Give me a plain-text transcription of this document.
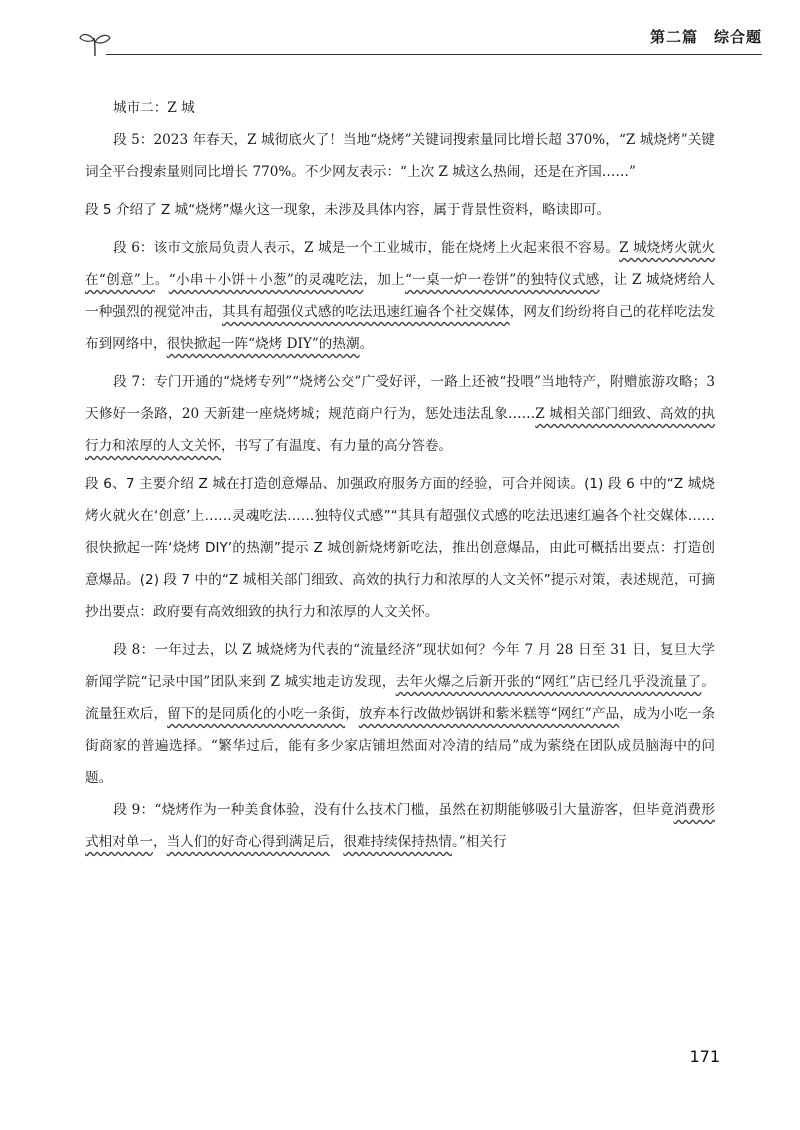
第二篇　综合题

城市二：Z 城

段 5：2023 年春天，Z 城彻底火了！当地“烧烤”关键词搜索量同比增长超 370%，“Z 城烧烤”关键词全平台搜索量则同比增长 770%。不少网友表示：“上次 Z 城这么热闹，还是在齐国……”

段 5 介绍了 Z 城“烧烤”爆火这一现象，未涉及具体内容，属于背景性资料，略读即可。

段 6：该市文旅局负责人表示，Z 城是一个工业城市，能在烧烤上火起来很不容易。Z 城烧烤火就火在“创意”上。“小串＋小饼＋小葱”的灵魂吃法，加上“一桌一炉一卷饼”的独特仪式感，让 Z 城烧烤给人一种强烈的视觉冲击，其具有超强仪式感的吃法迅速红遍各个社交媒体，网友们纷纷将自己的花样吃法发布到网络中，很快掀起一阵“烧烤 DIY”的热潮。

段 7：专门开通的“烧烤专列”“烧烤公交”广受好评，一路上还被“投喂”当地特产，附赠旅游攻略；3 天修好一条路，20 天新建一座烧烤城；规范商户行为，惩处违法乱象……Z 城相关部门细致、高效的执行力和浓厚的人文关怀，书写了有温度、有力量的高分答卷。

段 6、7 主要介绍 Z 城在打造创意爆品、加强政府服务方面的经验，可合并阅读。(1) 段 6 中的“Z 城烧烤火就火在‘创意’上……灵魂吃法……独特仪式感”“其具有超强仪式感的吃法迅速红遍各个社交媒体……很快掀起一阵‘烧烤 DIY’的热潮”提示 Z 城创新烧烤新吃法，推出创意爆品，由此可概括出要点：打造创意爆品。(2) 段 7 中的“Z 城相关部门细致、高效的执行力和浓厚的人文关怀”提示对策，表述规范，可摘抄出要点：政府要有高效细致的执行力和浓厚的人文关怀。

段 8：一年过去，以 Z 城烧烤为代表的“流量经济”现状如何？今年 7 月 28 日至 31 日，复旦大学新闻学院“记录中国”团队来到 Z 城实地走访发现，去年火爆之后新开张的“网红”店已经几乎没流量了。流量狂欢后，留下的是同质化的小吃一条街，放弃本行改做炒锅饼和紫米糕等“网红”产品，成为小吃一条街商家的普遍选择。“繁华过后，能有多少家店铺坦然面对冷清的结局”成为萦绕在团队成员脑海中的问题。

段 9：“烧烤作为一种美食体验，没有什么技术门槛，虽然在初期能够吸引大量游客，但毕竟消费形式相对单一，当人们的好奇心得到满足后，很难持续保持热情。”相关行

171
